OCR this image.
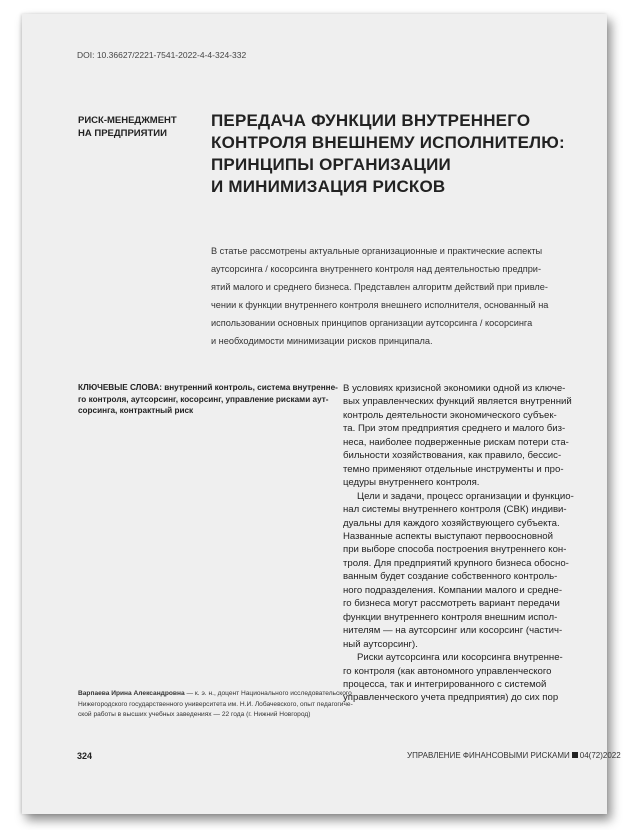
DOI: 10.36627/2221-7541-2022-4-4-324-332
РИСК-МЕНЕДЖМЕНТ
НА ПРЕДПРИЯТИИ
ПЕРЕДАЧА ФУНКЦИИ ВНУТРЕННЕГО
КОНТРОЛЯ ВНЕШНЕМУ ИСПОЛНИТЕЛЮ:
ПРИНЦИПЫ ОРГАНИЗАЦИИ
И МИНИМИЗАЦИЯ РИСКОВ
В статье рассмотрены актуальные организационные и практические аспекты
аутсорсинга / косорсинга внутреннего контроля над деятельностью предпри-
ятий малого и среднего бизнеса. Представлен алгоритм действий при привле-
чении к функции внутреннего контроля внешнего исполнителя, основанный на
использовании основных принципов организации аутсорсинга / косорсинга
и необходимости минимизации рисков принципала.
КЛЮЧЕВЫЕ СЛОВА: внутренний контроль, система внутренне-
го контроля, аутсорсинг, косорсинг, управление рисками аут-
сорсинга, контрактный риск
В условиях кризисной экономики одной из ключе-
вых управленческих функций является внутренний
контроль деятельности экономического субъек-
та. При этом предприятия среднего и малого биз-
неса, наиболее подверженные рискам потери ста-
бильности хозяйствования, как правило, бессис-
темно применяют отдельные инструменты и про-
цедуры внутреннего контроля.
Цели и задачи, процесс организации и функцио-
нал системы внутреннего контроля (СВК) индиви-
дуальны для каждого хозяйствующего субъекта.
Названные аспекты выступают первоосновной
при выборе способа построения внутреннего кон-
троля. Для предприятий крупного бизнеса обосно-
ванным будет создание собственного контроль-
ного подразделения. Компании малого и средне-
го бизнеса могут рассмотреть вариант передачи
функции внутреннего контроля внешним испол-
нителям — на аутсорсинг или косорсинг (частич-
ный аутсорсинг).
Риски аутсорсинга или косорсинга внутренне-
го контроля (как автономного управленческого
процесса, так и интегрированного с системой
управленческого учета предприятия) до сих пор
Варпаева Ирина Александровна — к. э. н., доцент Национального исследовательского
Нижегородского государственного университета им. Н.И. Лобачевского, опыт педагогиче-
ской работы в высших учебных заведениях — 22 года (г. Нижний Новгород)
324	УПРАВЛЕНИЕ ФИНАНСОВЫМИ РИСКАМИ 04(72)2022
